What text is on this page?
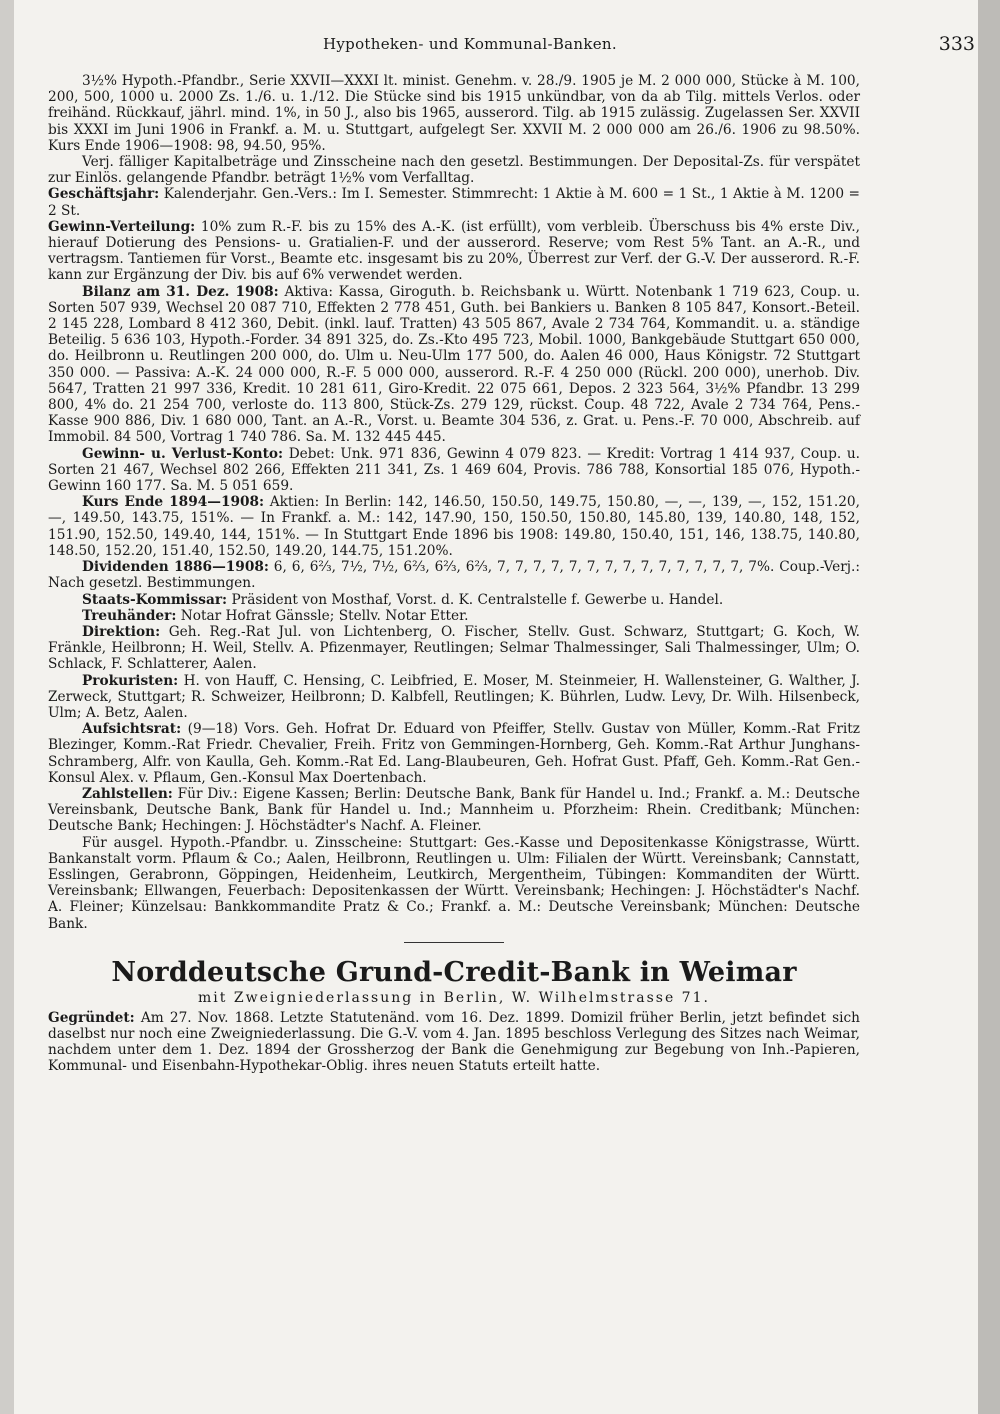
Hypotheken- und Kommunal-Banken.	333

3½% Hypoth.-Pfandbr., Serie XXVII—XXXI lt. minist. Genehm. v. 28./9. 1905 je M. 2 000 000, Stücke à M. 100, 200, 500, 1000 u. 2000 Zs. 1./6. u. 1./12. Die Stücke sind bis 1915 unkündbar, von da ab Tilg. mittels Verlos. oder freihänd. Rückkauf, jährl. mind. 1%, in 50 J., also bis 1965, ausserord. Tilg. ab 1915 zulässig. Zugelassen Ser. XXVII bis XXXI im Juni 1906 in Frankf. a. M. u. Stuttgart, aufgelegt Ser. XXVII M. 2 000 000 am 26./6. 1906 zu 98.50%. Kurs Ende 1906—1908: 98, 94.50, 95%.

Verj. fälliger Kapitalbeträge und Zinsscheine nach den gesetzl. Bestimmungen. Der Deposital-Zs. für verspätet zur Einlös. gelangende Pfandbr. beträgt 1½% vom Verfalltag.

Geschäftsjahr: Kalenderjahr. Gen.-Vers.: Im I. Semester. Stimmrecht: 1 Aktie à M. 600 = 1 St., 1 Aktie à M. 1200 = 2 St.

Gewinn-Verteilung: 10% zum R.-F. bis zu 15% des A.-K. (ist erfüllt), vom verbleib. Überschuss bis 4% erste Div., hierauf Dotierung des Pensions- u. Gratialien-F. und der ausserord. Reserve; vom Rest 5% Tant. an A.-R., und vertragsm. Tantiemen für Vorst., Beamte etc. insgesamt bis zu 20%, Überrest zur Verf. der G.-V. Der ausserord. R.-F. kann zur Ergänzung der Div. bis auf 6% verwendet werden.

Bilanz am 31. Dez. 1908: Aktiva: Kassa, Giroguth. b. Reichsbank u. Württ. Notenbank 1 719 623, Coup. u. Sorten 507 939, Wechsel 20 087 710, Effekten 2 778 451, Guth. bei Bankiers u. Banken 8 105 847, Konsort.-Beteil. 2 145 228, Lombard 8 412 360, Debit. (inkl. lauf. Tratten) 43 505 867, Avale 2 734 764, Kommandit. u. a. ständige Beteilig. 5 636 103, Hypoth.-Forder. 34 891 325, do. Zs.-Kto 495 723, Mobil. 1000, Bankgebäude Stuttgart 650 000, do. Heilbronn u. Reutlingen 200 000, do. Ulm u. Neu-Ulm 177 500, do. Aalen 46 000, Haus Königstr. 72 Stuttgart 350 000. — Passiva: A.-K. 24 000 000, R.-F. 5 000 000, ausserord. R.-F. 4 250 000 (Rückl. 200 000), unerhob. Div. 5647, Tratten 21 997 336, Kredit. 10 281 611, Giro-Kredit. 22 075 661, Depos. 2 323 564, 3½% Pfandbr. 13 299 800, 4% do. 21 254 700, verloste do. 113 800, Stück-Zs. 279 129, rückst. Coup. 48 722, Avale 2 734 764, Pens.-Kasse 900 886, Div. 1 680 000, Tant. an A.-R., Vorst. u. Beamte 304 536, z. Grat. u. Pens.-F. 70 000, Abschreib. auf Immobil. 84 500, Vortrag 1 740 786. Sa. M. 132 445 445.

Gewinn- u. Verlust-Konto: Debet: Unk. 971 836, Gewinn 4 079 823. — Kredit: Vortrag 1 414 937, Coup. u. Sorten 21 467, Wechsel 802 266, Effekten 211 341, Zs. 1 469 604, Provis. 786 788, Konsortial 185 076, Hypoth.-Gewinn 160 177. Sa. M. 5 051 659.

Kurs Ende 1894—1908: Aktien: In Berlin: 142, 146.50, 150.50, 149.75, 150.80, —, —, 139, —, 152, 151.20, —, 149.50, 143.75, 151%. — In Frankf. a. M.: 142, 147.90, 150, 150.50, 150.80, 145.80, 139, 140.80, 148, 152, 151.90, 152.50, 149.40, 144, 151%. — In Stuttgart Ende 1896 bis 1908: 149.80, 150.40, 151, 146, 138.75, 140.80, 148.50, 152.20, 151.40, 152.50, 149.20, 144.75, 151.20%.

Dividenden 1886—1908: 6, 6, 6⅔, 7½, 7½, 6⅔, 6⅔, 6⅔, 7, 7, 7, 7, 7, 7, 7, 7, 7, 7, 7, 7, 7, 7, 7%. Coup.-Verj.: Nach gesetzl. Bestimmungen.

Staats-Kommissar: Präsident von Mosthaf, Vorst. d. K. Centralstelle f. Gewerbe u. Handel.

Treuhänder: Notar Hofrat Gänssle; Stellv. Notar Etter.

Direktion: Geh. Reg.-Rat Jul. von Lichtenberg, O. Fischer, Stellv. Gust. Schwarz, Stuttgart; G. Koch, W. Fränkle, Heilbronn; H. Weil, Stellv. A. Pfizenmayer, Reutlingen; Selmar Thalmessinger, Sali Thalmessinger, Ulm; O. Schlack, F. Schlatterer, Aalen.

Prokuristen: H. von Hauff, C. Hensing, C. Leibfried, E. Moser, M. Steinmeier, H. Wallensteiner, G. Walther, J. Zerweck, Stuttgart; R. Schweizer, Heilbronn; D. Kalbfell, Reutlingen; K. Bührlen, Ludw. Levy, Dr. Wilh. Hilsenbeck, Ulm; A. Betz, Aalen.

Aufsichtsrat: (9—18) Vors. Geh. Hofrat Dr. Eduard von Pfeiffer, Stellv. Gustav von Müller, Komm.-Rat Fritz Blezinger, Komm.-Rat Friedr. Chevalier, Freih. Fritz von Gemmingen-Hornberg, Geh. Komm.-Rat Arthur Junghans-Schramberg, Alfr. von Kaulla, Geh. Komm.-Rat Ed. Lang-Blaubeuren, Geh. Hofrat Gust. Pfaff, Geh. Komm.-Rat Gen.-Konsul Alex. v. Pflaum, Gen.-Konsul Max Doertenbach.

Zahlstellen: Für Div.: Eigene Kassen; Berlin: Deutsche Bank, Bank für Handel u. Ind.; Frankf. a. M.: Deutsche Vereinsbank, Deutsche Bank, Bank für Handel u. Ind.; Mannheim u. Pforzheim: Rhein. Creditbank; München: Deutsche Bank; Hechingen: J. Höchstädter's Nachf. A. Fleiner.

Für ausgel. Hypoth.-Pfandbr. u. Zinsscheine: Stuttgart: Ges.-Kasse und Depositenkasse Königstrasse, Württ. Bankanstalt vorm. Pflaum & Co.; Aalen, Heilbronn, Reutlingen u. Ulm: Filialen der Württ. Vereinsbank; Cannstatt, Esslingen, Gerabronn, Göppingen, Heidenheim, Leutkirch, Mergentheim, Tübingen: Kommanditen der Württ. Vereinsbank; Ellwangen, Feuerbach: Depositenkassen der Württ. Vereinsbank; Hechingen: J. Höchstädter's Nachf. A. Fleiner; Künzelsau: Bankkommandite Pratz & Co.; Frankf. a. M.: Deutsche Vereinsbank; München: Deutsche Bank.

Norddeutsche Grund-Credit-Bank in Weimar
mit Zweigniederlassung in Berlin, W. Wilhelmstrasse 71.

Gegründet: Am 27. Nov. 1868. Letzte Statutenänd. vom 16. Dez. 1899. Domizil früher Berlin, jetzt befindet sich daselbst nur noch eine Zweigniederlassung. Die G.-V. vom 4. Jan. 1895 beschloss Verlegung des Sitzes nach Weimar, nachdem unter dem 1. Dez. 1894 der Grossherzog der Bank die Genehmigung zur Begebung von Inh.-Papieren, Kommunal- und Eisenbahn-Hypothekar-Oblig. ihres neuen Statuts erteilt hatte.
